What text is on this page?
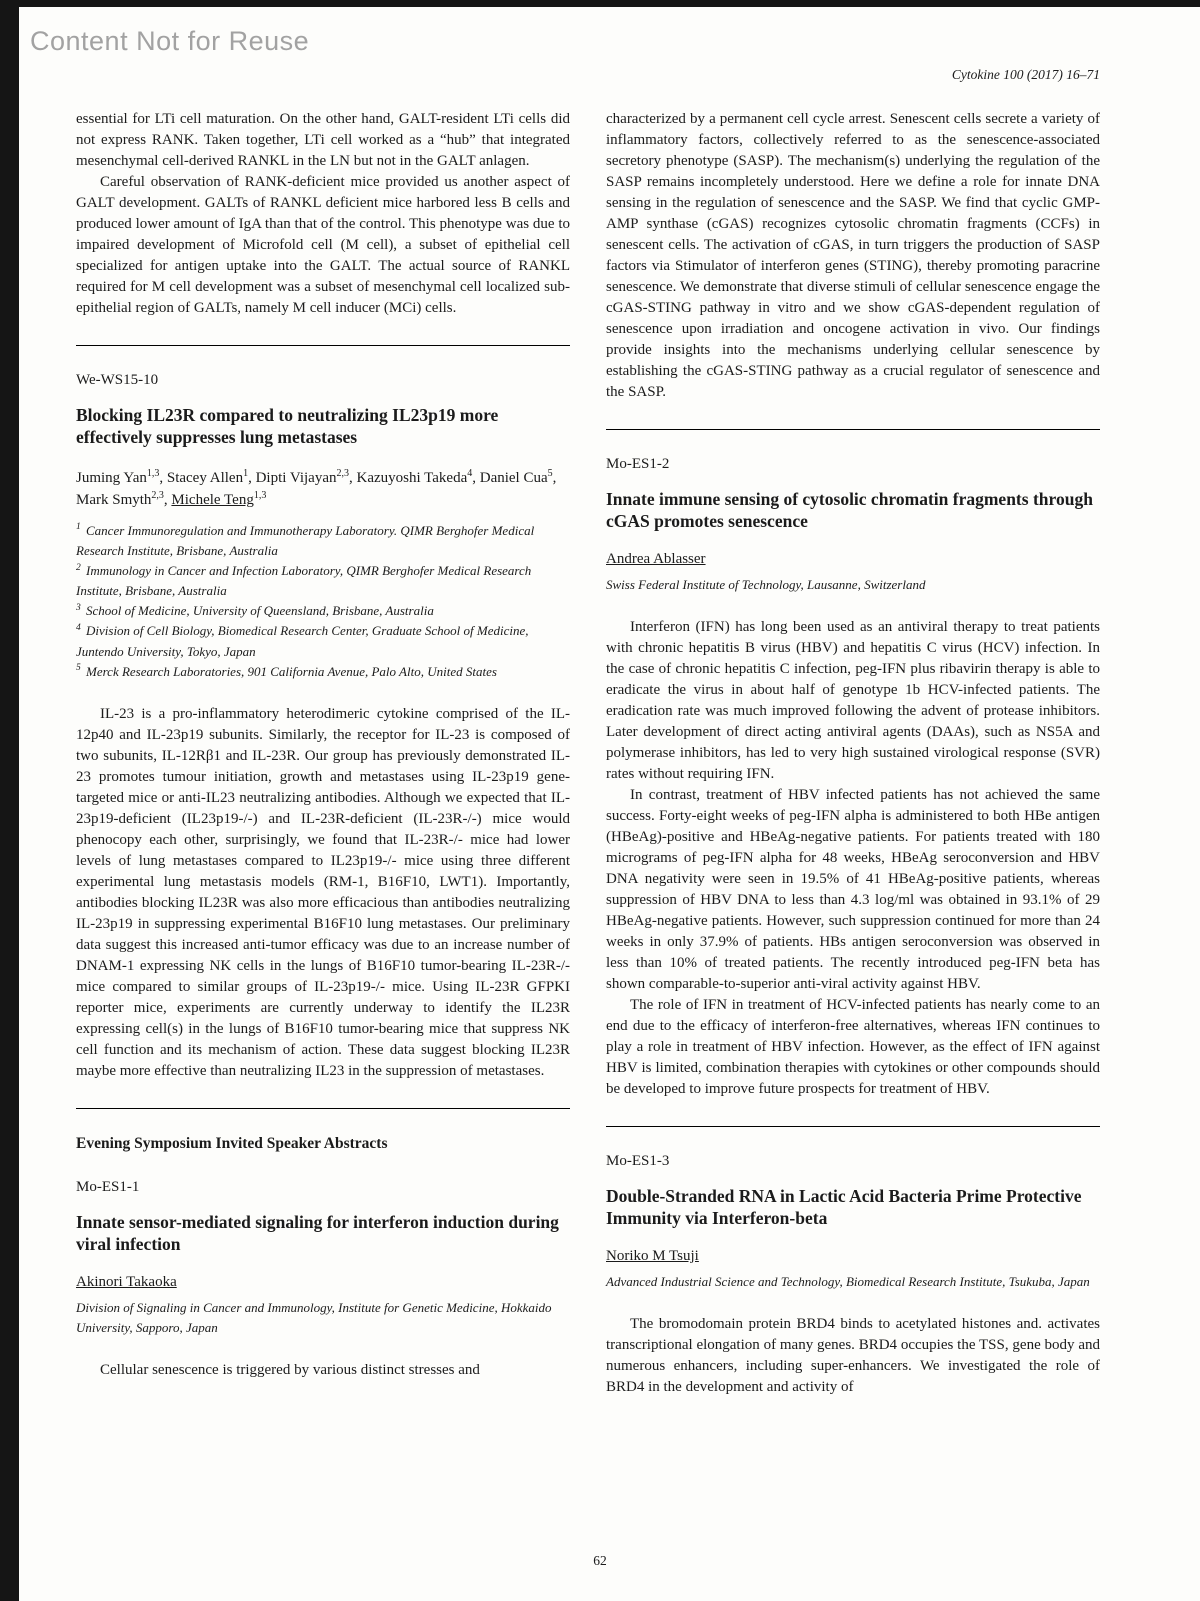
Content Not for Reuse
Cytokine 100 (2017) 16–71

essential for LTi cell maturation. On the other hand, GALT-resident LTi cells did not express RANK. Taken together, LTi cell worked as a “hub” that integrated mesenchymal cell-derived RANKL in the LN but not in the GALT anlagen.

Careful observation of RANK-deficient mice provided us another aspect of GALT development. GALTs of RANKL deficient mice harbored less B cells and produced lower amount of IgA than that of the control. This phenotype was due to impaired development of Microfold cell (M cell), a subset of epithelial cell specialized for antigen uptake into the GALT. The actual source of RANKL required for M cell development was a subset of mesenchymal cell localized sub-epithelial region of GALTs, namely M cell inducer (MCi) cells.

We-WS15-10
Blocking IL23R compared to neutralizing IL23p19 more effectively suppresses lung metastases
Juming Yan$^{1,3}$, Stacey Allen$^1$, Dipti Vijayan$^{2,3}$, Kazuyoshi Takeda$^4$, Daniel Cua$^5$, Mark Smyth$^{2,3}$, Michele Teng$^{1,3}$
$^1$ Cancer Immunoregulation and Immunotherapy Laboratory. QIMR Berghofer Medical Research Institute, Brisbane, Australia
$^2$ Immunology in Cancer and Infection Laboratory, QIMR Berghofer Medical Research Institute, Brisbane, Australia
$^3$ School of Medicine, University of Queensland, Brisbane, Australia
$^4$ Division of Cell Biology, Biomedical Research Center, Graduate School of Medicine, Juntendo University, Tokyo, Japan
$^5$ Merck Research Laboratories, 901 California Avenue, Palo Alto, United States

IL-23 is a pro-inflammatory heterodimeric cytokine comprised of the IL-12p40 and IL-23p19 subunits. Similarly, the receptor for IL-23 is composed of two subunits, IL-12Rβ1 and IL-23R. Our group has previously demonstrated IL-23 promotes tumour initiation, growth and metastases using IL-23p19 gene-targeted mice or anti-IL23 neutralizing antibodies. Although we expected that IL-23p19-deficient (IL23p19-/-) and IL-23R-deficient (IL-23R-/-) mice would phenocopy each other, surprisingly, we found that IL-23R-/- mice had lower levels of lung metastases compared to IL23p19-/- mice using three different experimental lung metastasis models (RM-1, B16F10, LWT1). Importantly, antibodies blocking IL23R was also more efficacious than antibodies neutralizing IL-23p19 in suppressing experimental B16F10 lung metastases. Our preliminary data suggest this increased anti-tumor efficacy was due to an increase number of DNAM-1 expressing NK cells in the lungs of B16F10 tumor-bearing IL-23R-/- mice compared to similar groups of IL-23p19-/- mice. Using IL-23R GFPKI reporter mice, experiments are currently underway to identify the IL23R expressing cell(s) in the lungs of B16F10 tumor-bearing mice that suppress NK cell function and its mechanism of action. These data suggest blocking IL23R maybe more effective than neutralizing IL23 in the suppression of metastases.

Evening Symposium Invited Speaker Abstracts
Mo-ES1-1
Innate sensor-mediated signaling for interferon induction during viral infection
Akinori Takaoka
Division of Signaling in Cancer and Immunology, Institute for Genetic Medicine, Hokkaido University, Sapporo, Japan

Cellular senescence is triggered by various distinct stresses and

characterized by a permanent cell cycle arrest. Senescent cells secrete a variety of inflammatory factors, collectively referred to as the senescence-associated secretory phenotype (SASP). The mechanism(s) underlying the regulation of the SASP remains incompletely understood. Here we define a role for innate DNA sensing in the regulation of senescence and the SASP. We find that cyclic GMP-AMP synthase (cGAS) recognizes cytosolic chromatin fragments (CCFs) in senescent cells. The activation of cGAS, in turn triggers the production of SASP factors via Stimulator of interferon genes (STING), thereby promoting paracrine senescence. We demonstrate that diverse stimuli of cellular senescence engage the cGAS-STING pathway in vitro and we show cGAS-dependent regulation of senescence upon irradiation and oncogene activation in vivo. Our findings provide insights into the mechanisms underlying cellular senescence by establishing the cGAS-STING pathway as a crucial regulator of senescence and the SASP.

Mo-ES1-2
Innate immune sensing of cytosolic chromatin fragments through cGAS promotes senescence
Andrea Ablasser
Swiss Federal Institute of Technology, Lausanne, Switzerland

Interferon (IFN) has long been used as an antiviral therapy to treat patients with chronic hepatitis B virus (HBV) and hepatitis C virus (HCV) infection. In the case of chronic hepatitis C infection, peg-IFN plus ribavirin therapy is able to eradicate the virus in about half of genotype 1b HCV-infected patients. The eradication rate was much improved following the advent of protease inhibitors. Later development of direct acting antiviral agents (DAAs), such as NS5A and polymerase inhibitors, has led to very high sustained virological response (SVR) rates without requiring IFN.

In contrast, treatment of HBV infected patients has not achieved the same success. Forty-eight weeks of peg-IFN alpha is administered to both HBe antigen (HBeAg)-positive and HBeAg-negative patients. For patients treated with 180 micrograms of peg-IFN alpha for 48 weeks, HBeAg seroconversion and HBV DNA negativity were seen in 19.5% of 41 HBeAg-positive patients, whereas suppression of HBV DNA to less than 4.3 log/ml was obtained in 93.1% of 29 HBeAg-negative patients. However, such suppression continued for more than 24 weeks in only 37.9% of patients. HBs antigen seroconversion was observed in less than 10% of treated patients. The recently introduced peg-IFN beta has shown comparable-to-superior anti-viral activity against HBV.

The role of IFN in treatment of HCV-infected patients has nearly come to an end due to the efficacy of interferon-free alternatives, whereas IFN continues to play a role in treatment of HBV infection. However, as the effect of IFN against HBV is limited, combination therapies with cytokines or other compounds should be developed to improve future prospects for treatment of HBV.

Mo-ES1-3
Double-Stranded RNA in Lactic Acid Bacteria Prime Protective Immunity via Interferon-beta
Noriko M Tsuji
Advanced Industrial Science and Technology, Biomedical Research Institute, Tsukuba, Japan

The bromodomain protein BRD4 binds to acetylated histones and. activates transcriptional elongation of many genes. BRD4 occupies the TSS, gene body and numerous enhancers, including super-enhancers. We investigated the role of BRD4 in the development and activity of

62
